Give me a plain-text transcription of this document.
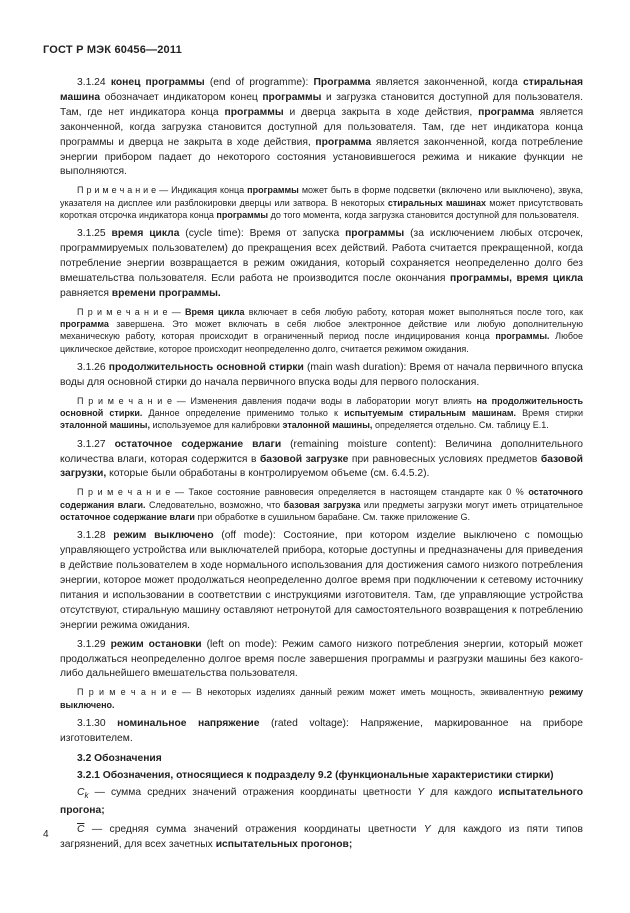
ГОСТ Р МЭК 60456—2011

3.1.24 конец программы (end of programme): Программа является законченной, когда стиральная машина обозначает индикатором конец программы и загрузка становится доступной для пользователя. Там, где нет индикатора конца программы и дверца закрыта в ходе действия, программа является законченной, когда загрузка становится доступной для пользователя. Там, где нет индикатора конца программы и дверца не закрыта в ходе действия, программа является законченной, когда потребление энергии прибором падает до некоторого состояния установившегося режима и никакие функции не выполняются.

П р и м е ч а н и е — Индикация конца программы может быть в форме подсветки (включено или выключено), звука, указателя на дисплее или разблокировки дверцы или затвора. В некоторых стиральных машинах может присутствовать короткая отсрочка индикатора конца программы до того момента, когда загрузка становится доступной для пользователя.

3.1.25 время цикла (cycle time): Время от запуска программы (за исключением любых отсрочек, программируемых пользователем) до прекращения всех действий. Работа считается прекращенной, когда потребление энергии возвращается в режим ожидания, который сохраняется неопределенно долго без вмешательства пользователя. Если работа не производится после окончания программы, время цикла равняется времени программы.

П р и м е ч а н и е — Время цикла включает в себя любую работу, которая может выполняться после того, как программа завершена. Это может включать в себя любое электронное действие или любую дополнительную механическую работу, которая происходит в ограниченный период после индицирования конца программы. Любое циклическое действие, которое происходит неопределенно долго, считается режимом ожидания.

3.1.26 продолжительность основной стирки (main wash duration): Время от начала первичного впуска воды для основной стирки до начала первичного впуска воды для первого полоскания.

П р и м е ч а н и е — Изменения давления подачи воды в лаборатории могут влиять на продолжительность основной стирки. Данное определение применимо только к испытуемым стиральным машинам. Время стирки эталонной машины, используемое для калибровки эталонной машины, определяется отдельно. См. таблицу Е.1.

3.1.27 остаточное содержание влаги (remaining moisture content): Величина дополнительного количества влаги, которая содержится в базовой загрузке при равновесных условиях предметов базовой загрузки, которые были обработаны в контролируемом объеме (см. 6.4.5.2).

П р и м е ч а н и е — Такое состояние равновесия определяется в настоящем стандарте как 0 % остаточного содержания влаги. Следовательно, возможно, что базовая загрузка или предметы загрузки могут иметь отрицательное остаточное содержание влаги при обработке в сушильном барабане. См. также приложение G.

3.1.28 режим выключено (off mode): Состояние, при котором изделие выключено с помощью управляющего устройства или выключателей прибора, которые доступны и предназначены для приведения в действие пользователем в ходе нормального использования для достижения самого низкого потребления энергии, которое может продолжаться неопределенно долгое время при подключении к сетевому источнику питания и использовании в соответствии с инструкциями изготовителя. Там, где управляющие устройства отсутствуют, стиральную машину оставляют нетронутой для самостоятельного возвращения к потреблению энергии режима ожидания.

3.1.29 режим остановки (left on mode): Режим самого низкого потребления энергии, который может продолжаться неопределенно долгое время после завершения программы и разгрузки машины без какого-либо дальнейшего вмешательства пользователя.

П р и м е ч а н и е — В некоторых изделиях данный режим может иметь мощность, эквивалентную режиму выключено.

3.1.30 номинальное напряжение (rated voltage): Напряжение, маркированное на приборе изготовителем.

3.2 Обозначения

3.2.1 Обозначения, относящиеся к подразделу 9.2 (функциональные характеристики стирки)

$C_k$ — сумма средних значений отражения координаты цветности Y для каждого испытательного прогона;

$\overline{C}$ — средняя сумма значений отражения координаты цветности Y для каждого из пяти типов загрязнений, для всех зачетных испытательных прогонов;

4
